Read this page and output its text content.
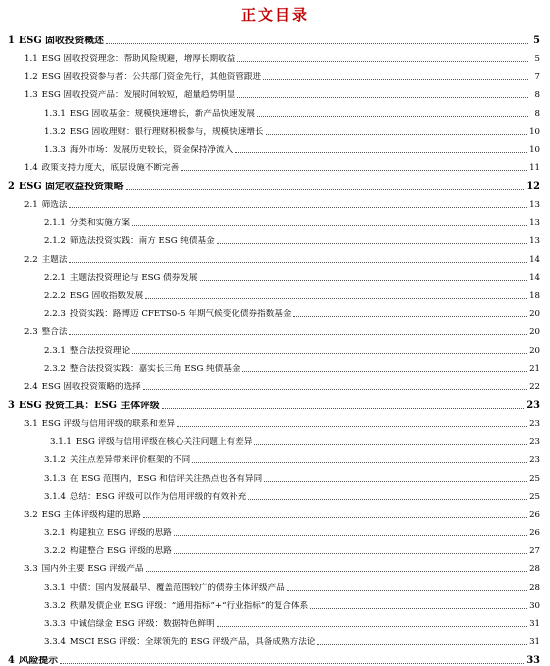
正文目录
1 ESG 固收投资概述	5
1.1 ESG 固收投资理念：帮助风险规避，增厚长期收益	5
1.2 ESG 固收投资参与者：公共部门资金先行，其他资管跟进	7
1.3 ESG 固收投资产品：发展时间较短，超量趋势明显	8
1.3.1 ESG 固收基金：规模快速增长，新产品快速发展	8
1.3.2 ESG 固收理财：银行理财积极参与，规模快速增长	10
1.3.3 海外市场：发展历史较长，资金保持净流入	10
1.4 政策支持力度大，底层设施不断完善	11
2 ESG 固定收益投资策略	12
2.1 筛选法	13
2.1.1 分类和实施方案	13
2.1.2 筛选法投资实践：南方 ESG 纯债基金	13
2.2 主题法	14
2.2.1 主题法投资理论与 ESG 债券发展	14
2.2.2 ESG 固收指数发展	18
2.2.3 投资实践：路博迈 CFETS0-5 年期气候变化债券指数基金	20
2.3 整合法	20
2.3.1 整合法投资理论	20
2.3.2 整合法投资实践：嘉实长三角 ESG 纯债基金	21
2.4 ESG 固收投资策略的选择	22
3 ESG 投资工具：ESG 主体评级	23
3.1 ESG 评级与信用评级的联系和差异	23
3.1.1 ESG 评级与信用评级在核心关注问题上有差异	23
3.1.2 关注点差异带来评价框架的不同	23
3.1.3 在 ESG 范围内，ESG 和信评关注热点也各有异同	25
3.1.4 总结：ESG 评级可以作为信用评级的有效补充	25
3.2 ESG 主体评级构建的思路	26
3.2.1 构建独立 ESG 评级的思路	26
3.2.2 构建整合 ESG 评级的思路	27
3.3 国内外主要 ESG 评级产品	28
3.3.1 中债：国内发展最早、覆盖范围较广的债券主体评级产品	28
3.3.2 秩鼎发债企业 ESG 评级：“通用指标”+“行业指标”的复合体系	30
3.3.3 中诚信绿金 ESG 评级：数据特色鲜明	31
3.3.4 MSCI ESG 评级：全球领先的 ESG 评级产品，具备成熟方法论	31
4 风险提示	33
